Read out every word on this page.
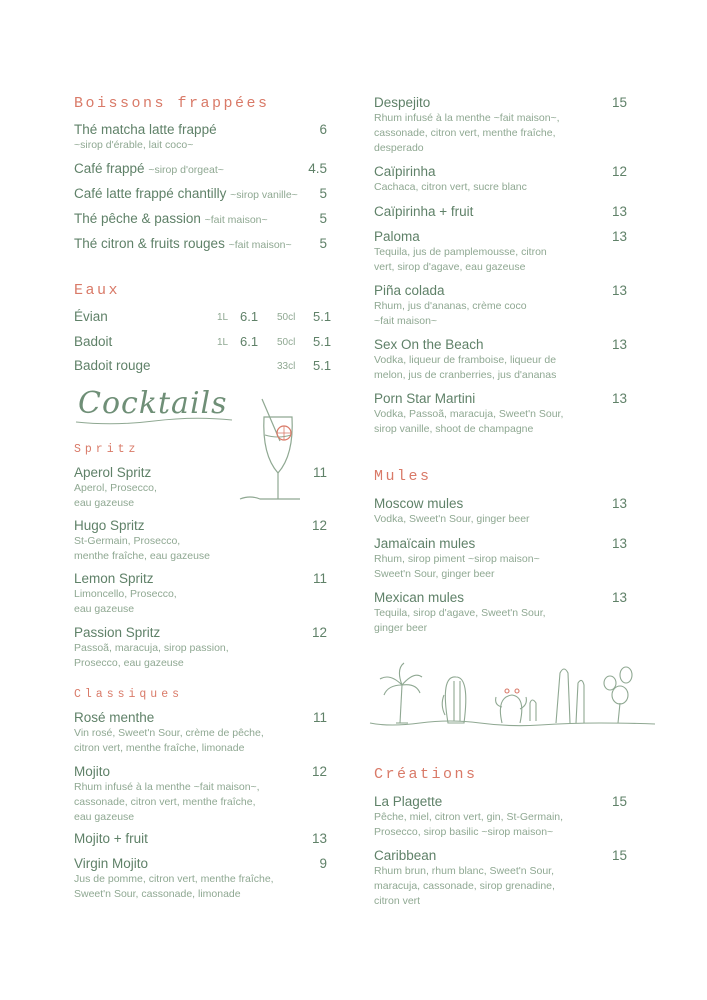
Boissons frappées
Thé matcha latte frappé	6
~sirop d'érable, lait coco~
Café frappé ~sirop d'orgeat~	4.5
Café latte frappé chantilly ~sirop vanille~	5
Thé pêche & passion ~fait maison~	5
Thé citron & fruits rouges ~fait maison~	5
Eaux
Évian	1L 6.1 50cl 5.1
Badoit	1L 6.1 50cl 5.1
Badoit rouge	33cl 5.1
Cocktails
Spritz
Aperol Spritz	11
Aperol, Prosecco,
eau gazeuse
Hugo Spritz	12
St-Germain, Prosecco,
menthe fraîche, eau gazeuse
Lemon Spritz	11
Limoncello, Prosecco,
eau gazeuse
Passion Spritz	12
Passoã, maracuja, sirop passion,
Prosecco, eau gazeuse
Classiques
Rosé menthe	11
Vin rosé, Sweet'n Sour, crème de pêche,
citron vert, menthe fraîche, limonade
Mojito	12
Rhum infusé à la menthe ~fait maison~,
cassonade, citron vert, menthe fraîche,
eau gazeuse
Mojito + fruit	13
Virgin Mojito	9
Jus de pomme, citron vert, menthe fraîche,
Sweet'n Sour, cassonade, limonade
Despejito	15
Rhum infusé à la menthe ~fait maison~,
cassonade, citron vert, menthe fraîche,
desperado
Caïpirinha	12
Cachaca, citron vert, sucre blanc
Caïpirinha + fruit	13
Paloma	13
Tequila, jus de pamplemousse, citron
vert, sirop d'agave, eau gazeuse
Piña colada	13
Rhum, jus d'ananas, crème coco
~fait maison~
Sex On the Beach	13
Vodka, liqueur de framboise, liqueur de
melon, jus de cranberries, jus d'ananas
Porn Star Martini	13
Vodka, Passoã, maracuja, Sweet'n Sour,
sirop vanille, shoot de champagne
Mules
Moscow mules	13
Vodka, Sweet'n Sour, ginger beer
Jamaïcain mules	13
Rhum, sirop piment ~sirop maison~
Sweet'n Sour, ginger beer
Mexican mules	13
Tequila, sirop d'agave, Sweet'n Sour,
ginger beer
Créations
La Plagette	15
Pêche, miel, citron vert, gin, St-Germain,
Prosecco, sirop basilic ~sirop maison~
Caribbean	15
Rhum brun, rhum blanc, Sweet'n Sour,
maracuja, cassonade, sirop grenadine,
citron vert
